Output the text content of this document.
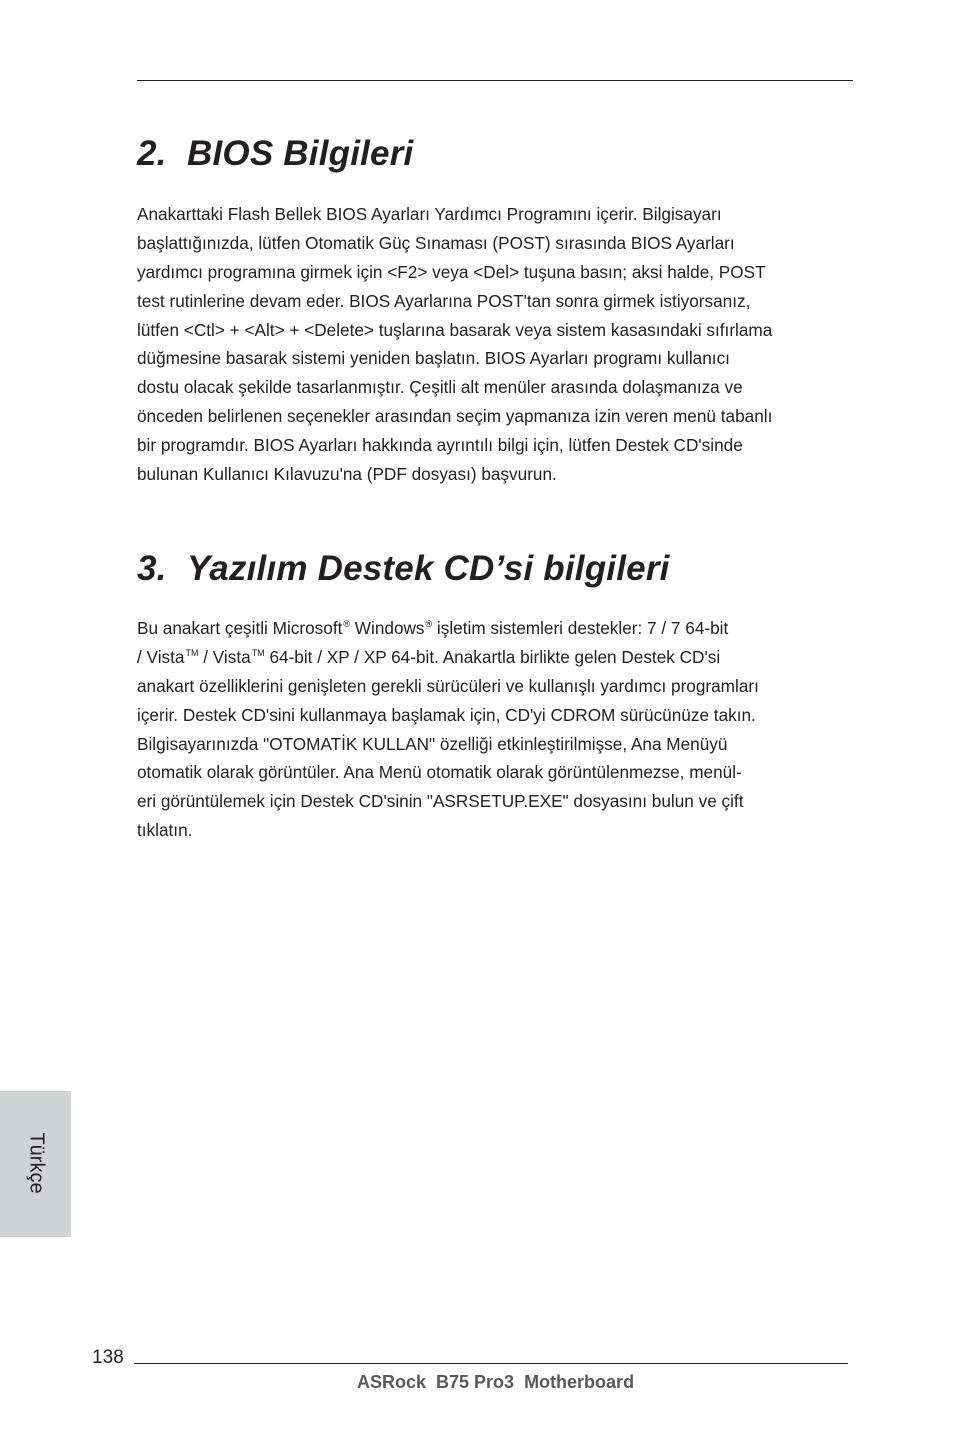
2. BIOS Bilgileri
Anakarttaki Flash Bellek BIOS Ayarları Yardımcı Programını içerir. Bilgisayarı
başlattığınızda, lütfen Otomatik Güç Sınaması (POST) sırasında BIOS Ayarları
yardımcı programına girmek için <F2> veya <Del> tuşuna basın; aksi halde, POST
test rutinlerine devam eder. BIOS Ayarlarına POST'tan sonra girmek istiyorsanız,
lütfen <Ctl> + <Alt> + <Delete> tuşlarına basarak veya sistem kasasındaki sıfırlama
düğmesine basarak sistemi yeniden başlatın. BIOS Ayarları programı kullanıcı
dostu olacak şekilde tasarlanmıştır. Çeşitli alt menüler arasında dolaşmanıza ve
önceden belirlenen seçenekler arasından seçim yapmanıza izin veren menü tabanlı
bir programdır. BIOS Ayarları hakkında ayrıntılı bilgi için, lütfen Destek CD'sinde
bulunan Kullanıcı Kılavuzu'na (PDF dosyası) başvurun.
3. Yazılım Destek CD’si bilgileri
Bu anakart çeşitli Microsoft® Windows® işletim sistemleri destekler: 7 / 7 64-bit
/ Vista™ / Vista™ 64-bit / XP / XP 64-bit. Anakartla birlikte gelen Destek CD'si
anakart özelliklerini genişleten gerekli sürücüleri ve kullanışlı yardımcı programları
içerir. Destek CD'sini kullanmaya başlamak için, CD'yi CDROM sürücünüze takın.
Bilgisayarınızda "OTOMATİK KULLAN" özelliği etkinleştirilmişse, Ana Menüyü
otomatik olarak görüntüler. Ana Menü otomatik olarak görüntülenmezse, menül-
eri görüntülemek için Destek CD'sinin "ASRSETUP.EXE" dosyasını bulun ve çift
tıklatın.
Türkçe
138
ASRock  B75 Pro3  Motherboard
